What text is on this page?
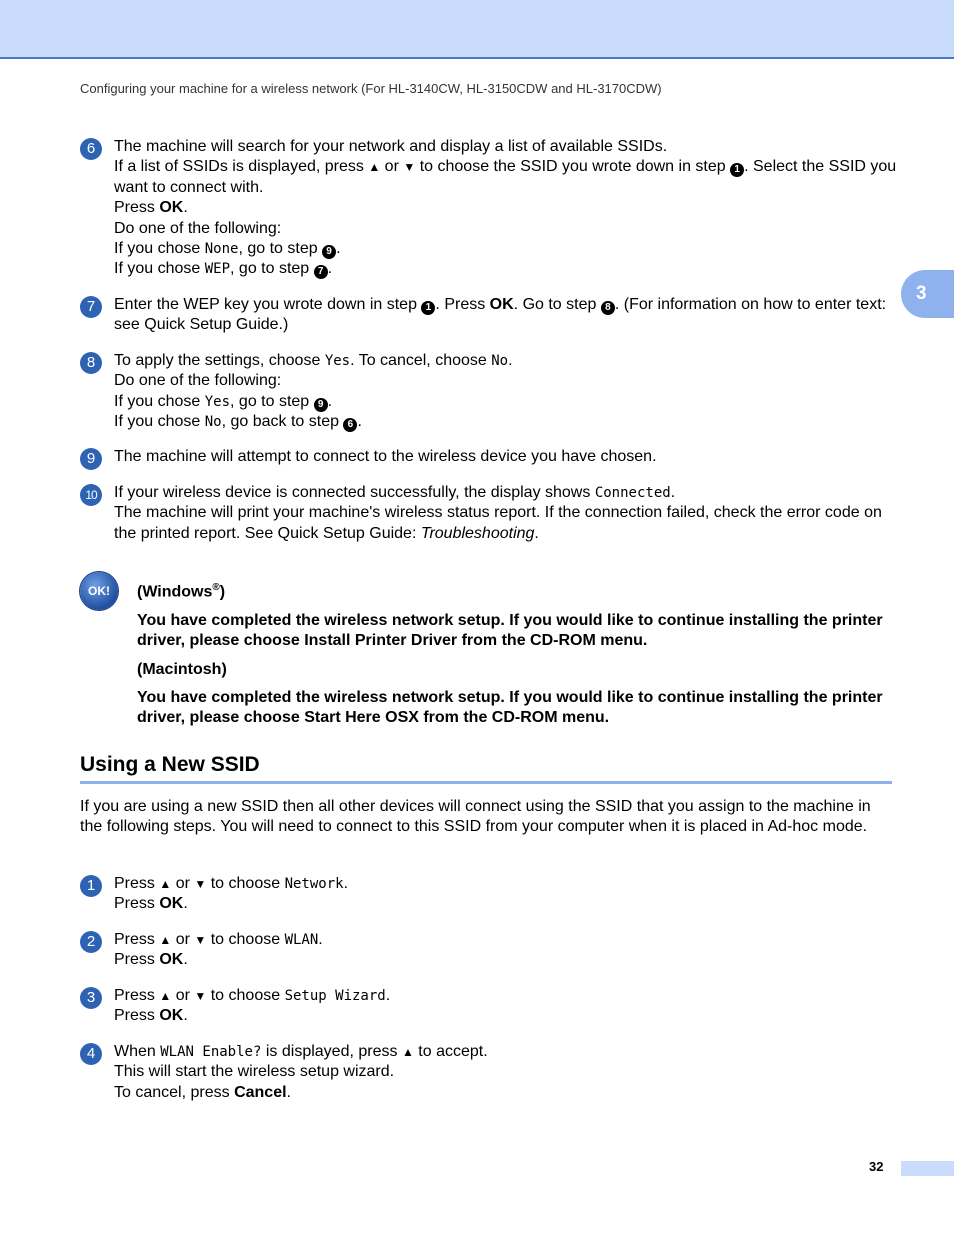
Configuring your machine for a wireless network (For HL-3140CW, HL-3150CDW and HL-3170CDW)
3
6	The machine will search for your network and display a list of available SSIDs.
If a list of SSIDs is displayed, press ▲ or ▼ to choose the SSID you wrote down in step 1 . Select the SSID you want to connect with.
Press OK.
Do one of the following:
If you chose None, go to step 9 .
If you chose WEP, go to step 7 .
7	Enter the WEP key you wrote down in step 1 . Press OK. Go to step 8 . (For information on how to enter text: see Quick Setup Guide.)
8	To apply the settings, choose Yes. To cancel, choose No.
Do one of the following:
If you chose Yes, go to step 9 .
If you chose No, go back to step 6 .
9	The machine will attempt to connect to the wireless device you have chosen.
10	If your wireless device is connected successfully, the display shows Connected.
The machine will print your machine's wireless status report. If the connection failed, check the error code on the printed report. See Quick Setup Guide: Troubleshooting.
OK!	(Windows®)

You have completed the wireless network setup. If you would like to continue installing the printer driver, please choose Install Printer Driver from the CD-ROM menu.

(Macintosh)

You have completed the wireless network setup. If you would like to continue installing the printer driver, please choose Start Here OSX from the CD-ROM menu.

Using a New SSID
If you are using a new SSID then all other devices will connect using the SSID that you assign to the machine in the following steps. You will need to connect to this SSID from your computer when it is placed in Ad-hoc mode.
1	Press ▲ or ▼ to choose Network.
Press OK.
2	Press ▲ or ▼ to choose WLAN.
Press OK.
3	Press ▲ or ▼ to choose Setup Wizard.
Press OK.
4	When WLAN Enable? is displayed, press ▲ to accept.
This will start the wireless setup wizard.
To cancel, press Cancel.
32
